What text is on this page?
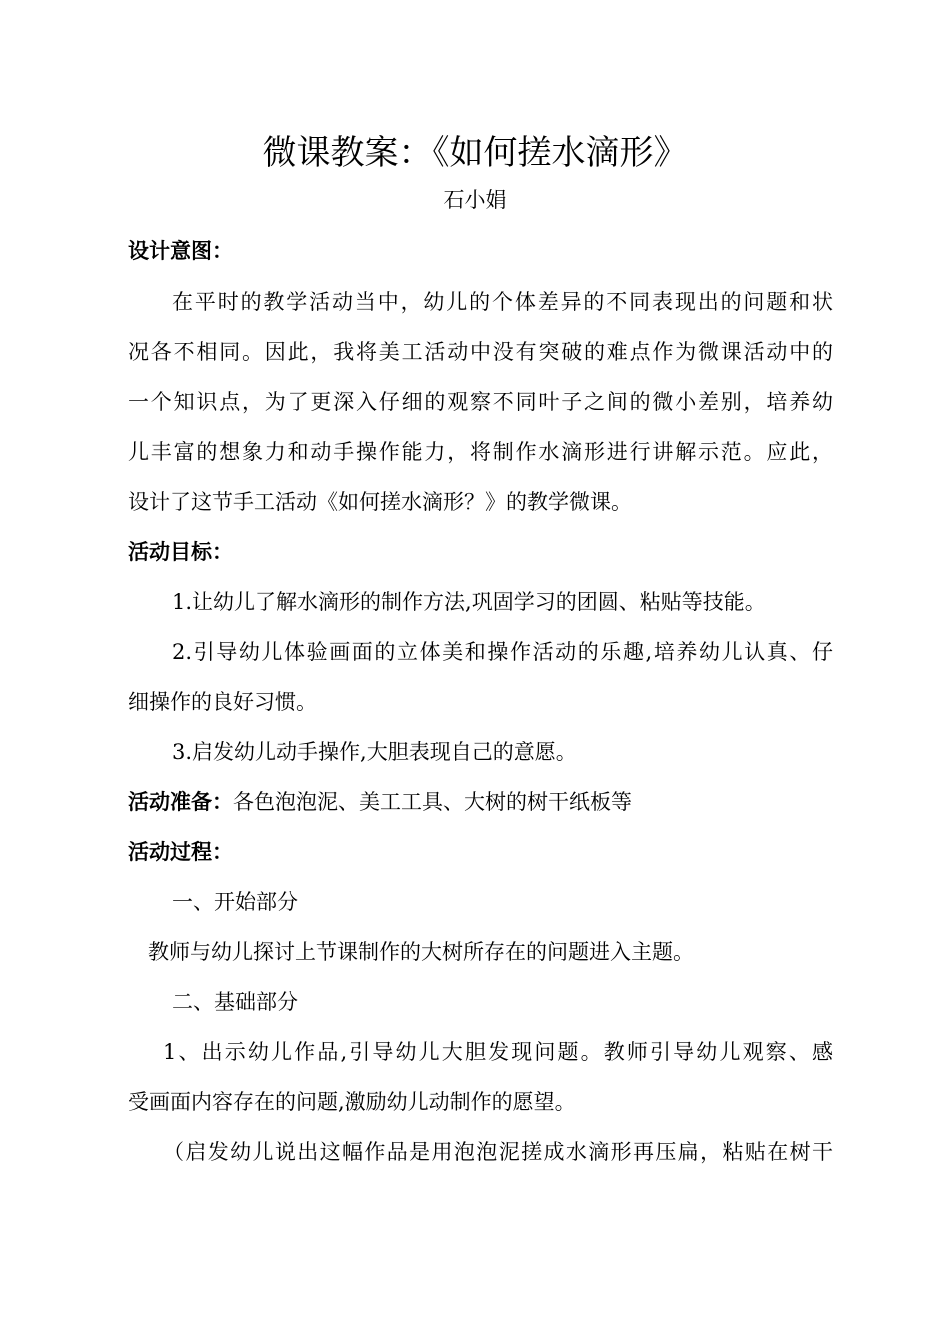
微课教案：《如何搓水滴形》
石小娟
设计意图：
在平时的教学活动当中，幼儿的个体差异的不同表现出的问题和状
况各不相同。因此，我将美工活动中没有突破的难点作为微课活动中的
一个知识点，为了更深入仔细的观察不同叶子之间的微小差别，培养幼
儿丰富的想象力和动手操作能力，将制作水滴形进行讲解示范。应此，
设计了这节手工活动《如何搓水滴形？》的教学微课。
活动目标：
1.让幼儿了解水滴形的制作方法,巩固学习的团圆、粘贴等技能。
2.引导幼儿体验画面的立体美和操作活动的乐趣,培养幼儿认真、仔
细操作的良好习惯。
3.启发幼儿动手操作,大胆表现自己的意愿。
活动准备：各色泡泡泥、美工工具、大树的树干纸板等
活动过程：
一、开始部分
教师与幼儿探讨上节课制作的大树所存在的问题进入主题。
二、基础部分
1、出示幼儿作品,引导幼儿大胆发现问题。教师引导幼儿观察、感
受画面内容存在的问题,激励幼儿动制作的愿望。
（启发幼儿说出这幅作品是用泡泡泥搓成水滴形再压扁，粘贴在树干
